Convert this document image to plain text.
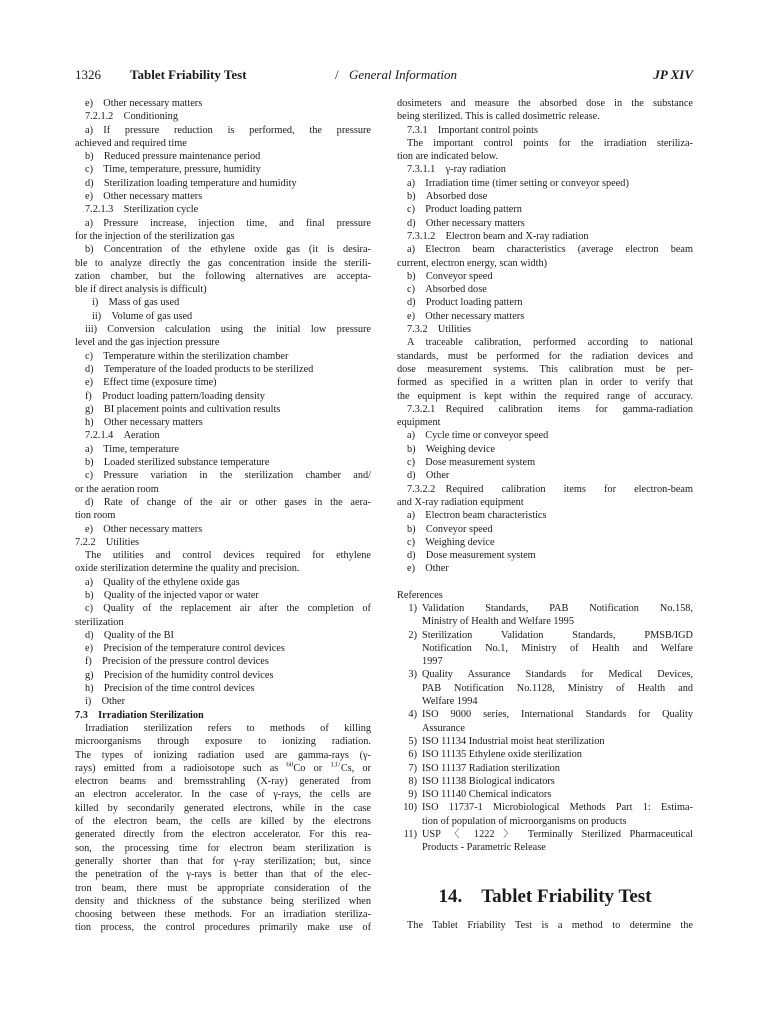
1326 Tablet Friability Test	/ General Information	JP XIV
e) Other necessary matters
7.2.1.2 Conditioning
a) If pressure reduction is performed, the pressure
achieved and required time
b) Reduced pressure maintenance period
c) Time, temperature, pressure, humidity
d) Sterilization loading temperature and humidity
e) Other necessary matters
7.2.1.3 Sterilization cycle
a) Pressure increase, injection time, and final pressure
for the injection of the sterilization gas
b) Concentration of the ethylene oxide gas (it is desira-
ble to analyze directly the gas concentration inside the sterili-
zation chamber, but the following alternatives are accepta-
ble if direct analysis is difficult)
i) Mass of gas used
ii) Volume of gas used
iii) Conversion calculation using the initial low pressure
level and the gas injection pressure
c) Temperature within the sterilization chamber
d) Temperature of the loaded products to be sterilized
e) Effect time (exposure time)
f) Product loading pattern/loading density
g) BI placement points and cultivation results
h) Other necessary matters
7.2.1.4 Aeration
a) Time, temperature
b) Loaded sterilized substance temperature
c) Pressure variation in the sterilization chamber and/
or the aeration room
d) Rate of change of the air or other gases in the aera-
tion room
e) Other necessary matters
7.2.2 Utilities
The utilities and control devices required for ethylene
oxide sterilization determine the quality and precision.
a) Quality of the ethylene oxide gas
b) Quality of the injected vapor or water
c) Quality of the replacement air after the completion of
sterilization
d) Quality of the BI
e) Precision of the temperature control devices
f) Precision of the pressure control devices
g) Precision of the humidity control devices
h) Precision of the time control devices
i) Other
7.3 Irradiation Sterilization
Irradiation sterilization refers to methods of killing
microorganisms through exposure to ionizing radiation.
The types of ionizing radiation used are gamma-rays (γ-
rays) emitted from a radioisotope such as $^{60}$Co or $^{137}$Cs, or
electron beams and bremsstrahling (X-ray) generated from
an electron accelerator. In the case of γ-rays, the cells are
killed by secondarily generated electrons, while in the case
of the electron beam, the cells are killed by the electrons
generated directly from the electron accelerator. For this rea-
son, the processing time for electron beam sterilization is
generally shorter than that for γ-ray sterilization; but, since
the penetration of the γ-rays is better than that of the elec-
tron beam, there must be appropriate consideration of the
density and thickness of the substance being sterilized when
choosing between these methods. For an irradiation steriliza-
tion process, the control procedures primarily make use of
dosimeters and measure the absorbed dose in the substance
being sterilized. This is called dosimetric release.
7.3.1 Important control points
The important control points for the irradiation steriliza-
tion are indicated below.
7.3.1.1 γ-ray radiation
a) Irradiation time (timer setting or conveyor speed)
b) Absorbed dose
c) Product loading pattern
d) Other necessary matters
7.3.1.2 Electron beam and X-ray radiation
a) Electron beam characteristics (average electron beam
current, electron energy, scan width)
b) Conveyor speed
c) Absorbed dose
d) Product loading pattern
e) Other necessary matters
7.3.2 Utilities
A traceable calibration, performed according to national
standards, must be performed for the radiation devices and
dose measurement systems. This calibration must be per-
formed as specified in a written plan in order to verify that
the equipment is kept within the required range of accuracy.
7.3.2.1 Required calibration items for gamma-radiation
equipment
a) Cycle time or conveyor speed
b) Weighing device
c) Dose measurement system
d) Other
7.3.2.2 Required calibration items for electron-beam
and X-ray radiation equipment
a) Electron beam characteristics
b) Conveyor speed
c) Weighing device
d) Dose measurement system
e) Other
References
1) Validation Standards, PAB Notification No.158,
Ministry of Health and Welfare 1995
2) Sterilization Validation Standards, PMSB/IGD
Notification No.1, Ministry of Health and Welfare
1997
3) Quality Assurance Standards for Medical Devices,
PAB Notification No.1128, Ministry of Health and
Welfare 1994
4) ISO 9000 series, International Standards for Quality
Assurance
5) ISO 11134 Industrial moist heat sterilization
6) ISO 11135 Ethylene oxide sterilization
7) ISO 11137 Radiation sterilization
8) ISO 11138 Biological indicators
9) ISO 11140 Chemical indicators
10) ISO 11737-1 Microbiological Methods Part 1: Estima-
tion of population of microorganisms on products
11) USP 〈 1222 〉 Terminally Sterilized Pharmaceutical
Products - Parametric Release
14. Tablet Friability Test
The Tablet Friability Test is a method to determine the
